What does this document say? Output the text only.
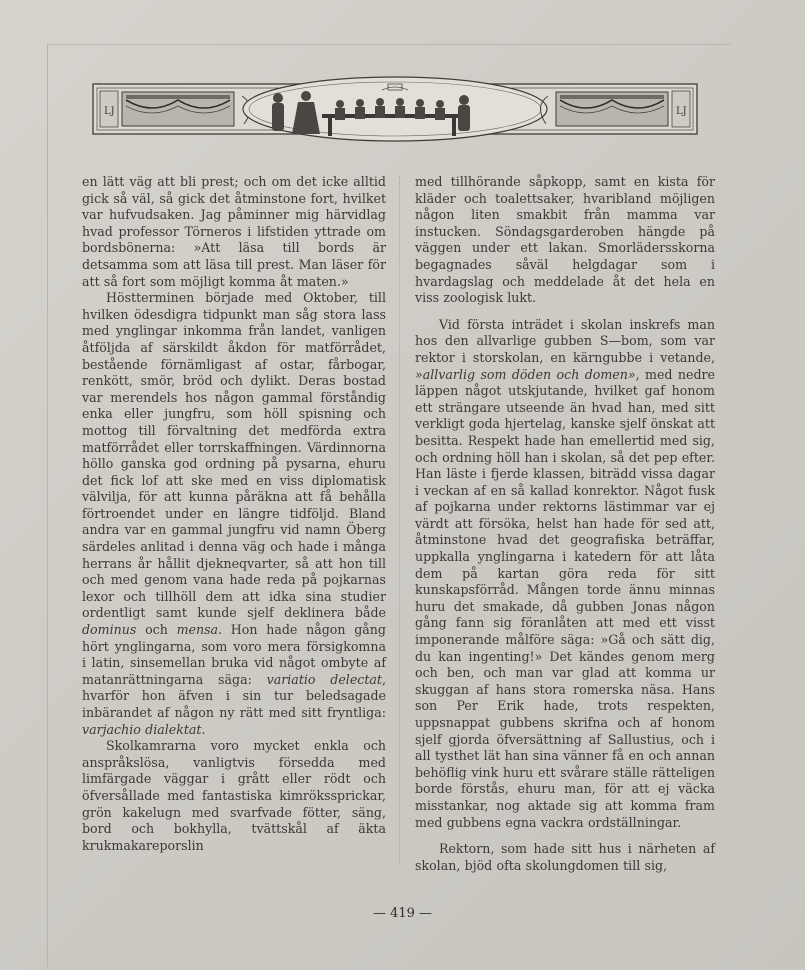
LJ	LJ

en lätt väg att bli prest; och om det icke alltid gick så väl, så gick det åtminstone fort, hvilket var hufvudsaken. Jag påminner mig härvidlag hvad professor Törneros i lifstiden yttrade om bordsbönerna: »Att läsa till bords är detsamma som att läsa till prest. Man läser för att så fort som möjligt komma åt maten.»

Höstterminen började med Oktober, till hvilken ödesdigra tidpunkt man såg stora lass med ynglingar inkomma från landet, vanligen åtföljda af särskildt åkdon för matförrådet, bestående förnämligast af ostar, fårbogar, renkött, smör, bröd och dylikt. Deras bostad var merendels hos någon gammal förståndig enka eller jungfru, som höll spisning och mottog till förvaltning det medförda extra matförrådet eller torrskaffningen. Värdinnorna höllo ganska god ordning på pysarna, ehuru det fick lof att ske med en viss diplomatisk välvilja, för att kunna påräkna att få behålla förtroendet under en längre tidföljd. Bland andra var en gammal jungfru vid namn Öberg särdeles anlitad i denna väg och hade i många herrans år hållit djekneqvarter, så att hon till och med genom vana hade reda på pojkarnas lexor och tillhöll dem att idka sina studier ordentligt samt kunde sjelf deklinera både dominus och mensa. Hon hade någon gång hört ynglingarna, som voro mera försigkomna i latin, sinsemellan bruka vid något ombyte af matanrättningarna säga: variatio delectat, hvarför hon äfven i sin tur beledsagade inbärandet af någon ny rätt med sitt fryntliga: varjachio dialektat.

Skolkamrarna voro mycket enkla och anspråkslösa, vanligtvis försedda med limfärgade väggar i grått eller rödt och öfversållade med fantastiska kimrökssprickar, grön kakelugn med svarfvade fötter, säng, bord och bokhylla, tvättskål af äkta krukmakareporslin

med tillhörande såpkopp, samt en kista för kläder och toalettsaker, hvaribland möjligen någon liten smakbit från mamma var instucken. Söndagsgarderoben hängde på väggen under ett lakan. Smorlädersskorna begagnades såväl helgdagar som i hvardagslag och meddelade åt det hela en viss zoologisk lukt.

Vid första inträdet i skolan inskrefs man hos den allvarlige gubben S—bom, som var rektor i storskolan, en kärngubbe i vetande, »allvarlig som döden och domen», med nedre läppen något utskjutande, hvilket gaf honom ett strängare utseende än hvad han, med sitt verkligt goda hjertelag, kanske sjelf önskat att besitta. Respekt hade han emellertid med sig, och ordning höll han i skolan, så det pep efter. Han läste i fjerde klassen, biträdd vissa dagar i veckan af en så kallad konrektor. Något fusk af pojkarna under rektorns lästimmar var ej värdt att försöka, helst han hade för sed att, åtminstone hvad det geografiska beträffar, uppkalla ynglingarna i katedern för att låta dem på kartan göra reda för sitt kunskapsförråd. Mången torde ännu minnas huru det smakade, då gubben Jonas någon gång fann sig föranlåten att med ett visst imponerande målföre säga: »Gå och sätt dig, du kan ingenting!» Det kändes genom merg och ben, och man var glad att komma ur skuggan af hans stora romerska näsa. Hans son Per Erik hade, trots respekten, uppsnappat gubbens skrifna och af honom sjelf gjorda öfversättning af Sallustius, och i all tysthet lät han sina vänner få en och annan behöflig vink huru ett svårare ställe rätteligen borde förstås, ehuru man, för att ej väcka misstankar, nog aktade sig att komma fram med gubbens egna vackra ordställningar.

Rektorn, som hade sitt hus i närheten af skolan, bjöd ofta skolungdomen till sig,

— 419 —
